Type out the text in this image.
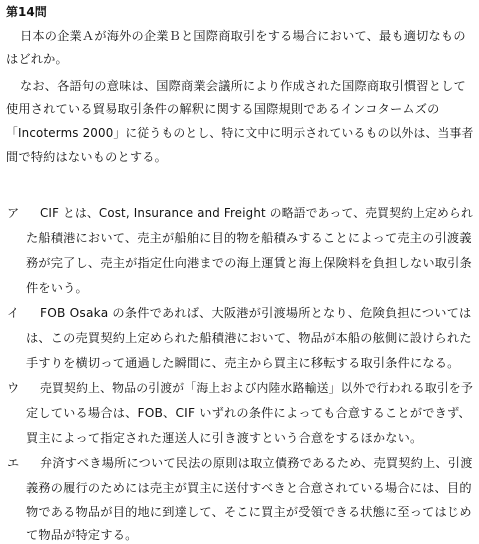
第14問
日本の企業Ａが海外の企業Ｂと国際商取引をする場合において、最も適切なもの
はどれか。
なお、各語句の意味は、国際商業会議所により作成された国際商取引慣習として
使用されている貿易取引条件の解釈に関する国際規則であるインコタームズの
「Incoterms 2000」に従うものとし、特に文中に明示されているもの以外は、当事者
間で特約はないものとする。
ア CIF とは、Cost, Insurance and Freight の略語であって、売買契約上定められ
た船積港において、売主が船舶に目的物を船積みすることによって売主の引渡義
務が完了し、売主が指定仕向港までの海上運賃と海上保険料を負担しない取引条
件をいう。
イ FOB Osaka の条件であれば、大阪港が引渡場所となり、危険負担については
は、この売買契約上定められた船積港において、物品が本船の舷側に設けられた
手すりを横切って通過した瞬間に、売主から買主に移転する取引条件になる。
ウ 売買契約上、物品の引渡が「海上および内陸水路輸送」以外で行われる取引を予
定している場合は、FOB、CIF いずれの条件によっても合意することができず、
買主によって指定された運送人に引き渡すという合意をするほかない。
エ 弁済すべき場所について民法の原則は取立債務であるため、売買契約上、引渡
義務の履行のためには売主が買主に送付すべきと合意されている場合には、目的
物である物品が目的地に到達して、そこに買主が受領できる状態に至ってはじめ
て物品が特定する。
